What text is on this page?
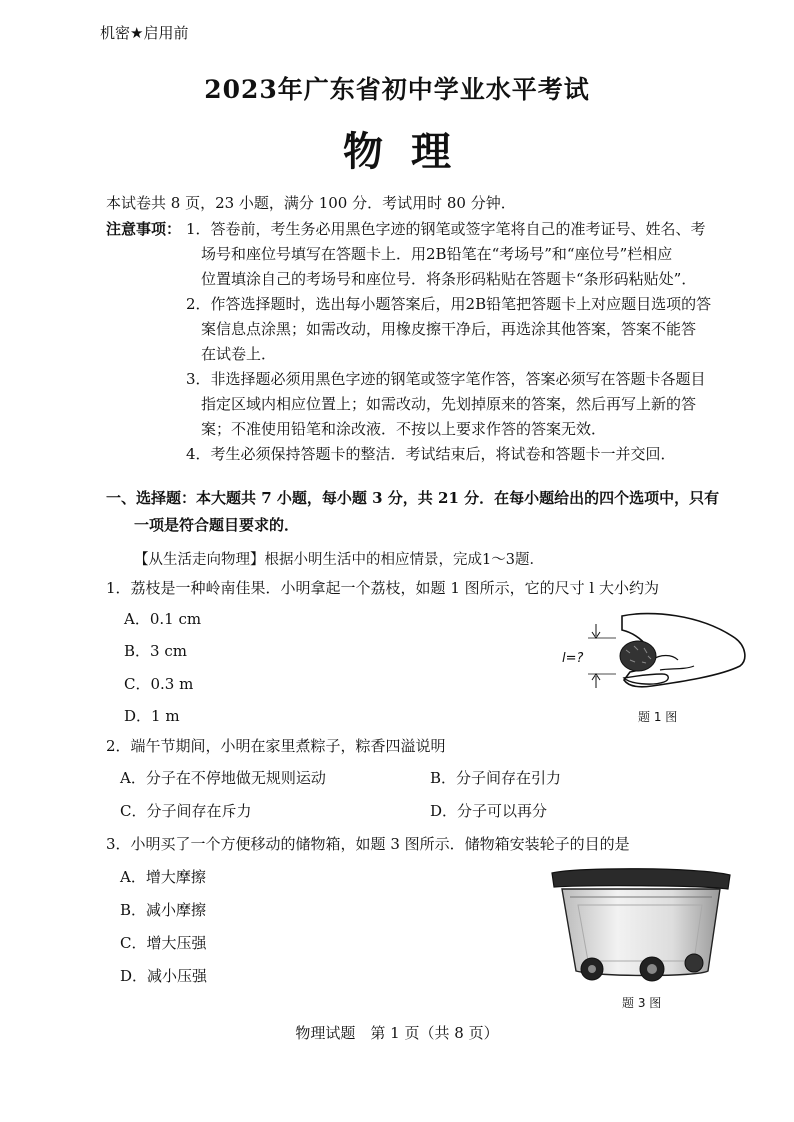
机密★启用前
2023年广东省初中学业水平考试
物理
本试卷共 8 页，23 小题，满分 100 分．考试用时 80 分钟．
注意事项： 1．答卷前，考生务必用黑色字迹的钢笔或签字笔将自己的准考证号、姓名、考
场号和座位号填写在答题卡上．用2B铅笔在“考场号”和“座位号”栏相应
位置填涂自己的考场号和座位号．将条形码粘贴在答题卡“条形码粘贴处”．
2．作答选择题时，选出每小题答案后，用2B铅笔把答题卡上对应题目选项的答
案信息点涂黑；如需改动，用橡皮擦干净后，再选涂其他答案，答案不能答
在试卷上．
3．非选择题必须用黑色字迹的钢笔或签字笔作答，答案必须写在答题卡各题目
指定区域内相应位置上；如需改动，先划掉原来的答案，然后再写上新的答
案；不准使用铅笔和涂改液．不按以上要求作答的答案无效．
4．考生必须保持答题卡的整洁．考试结束后，将试卷和答题卡一并交回．
一、选择题：本大题共 7 小题，每小题 3 分，共 21 分．在每小题给出的四个选项中，只有
一项是符合题目要求的．
【从生活走向物理】根据小明生活中的相应情景，完成1～3题．
1．荔枝是一种岭南佳果．小明拿起一个荔枝，如题 1 图所示，它的尺寸 l 大小约为
A．0.1 cm
B．3 cm
C．0.3 m
D．1 m
l=?
题 1 图
2．端午节期间，小明在家里煮粽子，粽香四溢说明
A．分子在不停地做无规则运动	B．分子间存在引力
C．分子间存在斥力	D．分子可以再分
3．小明买了一个方便移动的储物箱，如题 3 图所示．储物箱安装轮子的目的是
A．增大摩擦
B．减小摩擦
C．增大压强
D．减小压强
题 3 图
物理试题　第 1 页（共 8 页）
